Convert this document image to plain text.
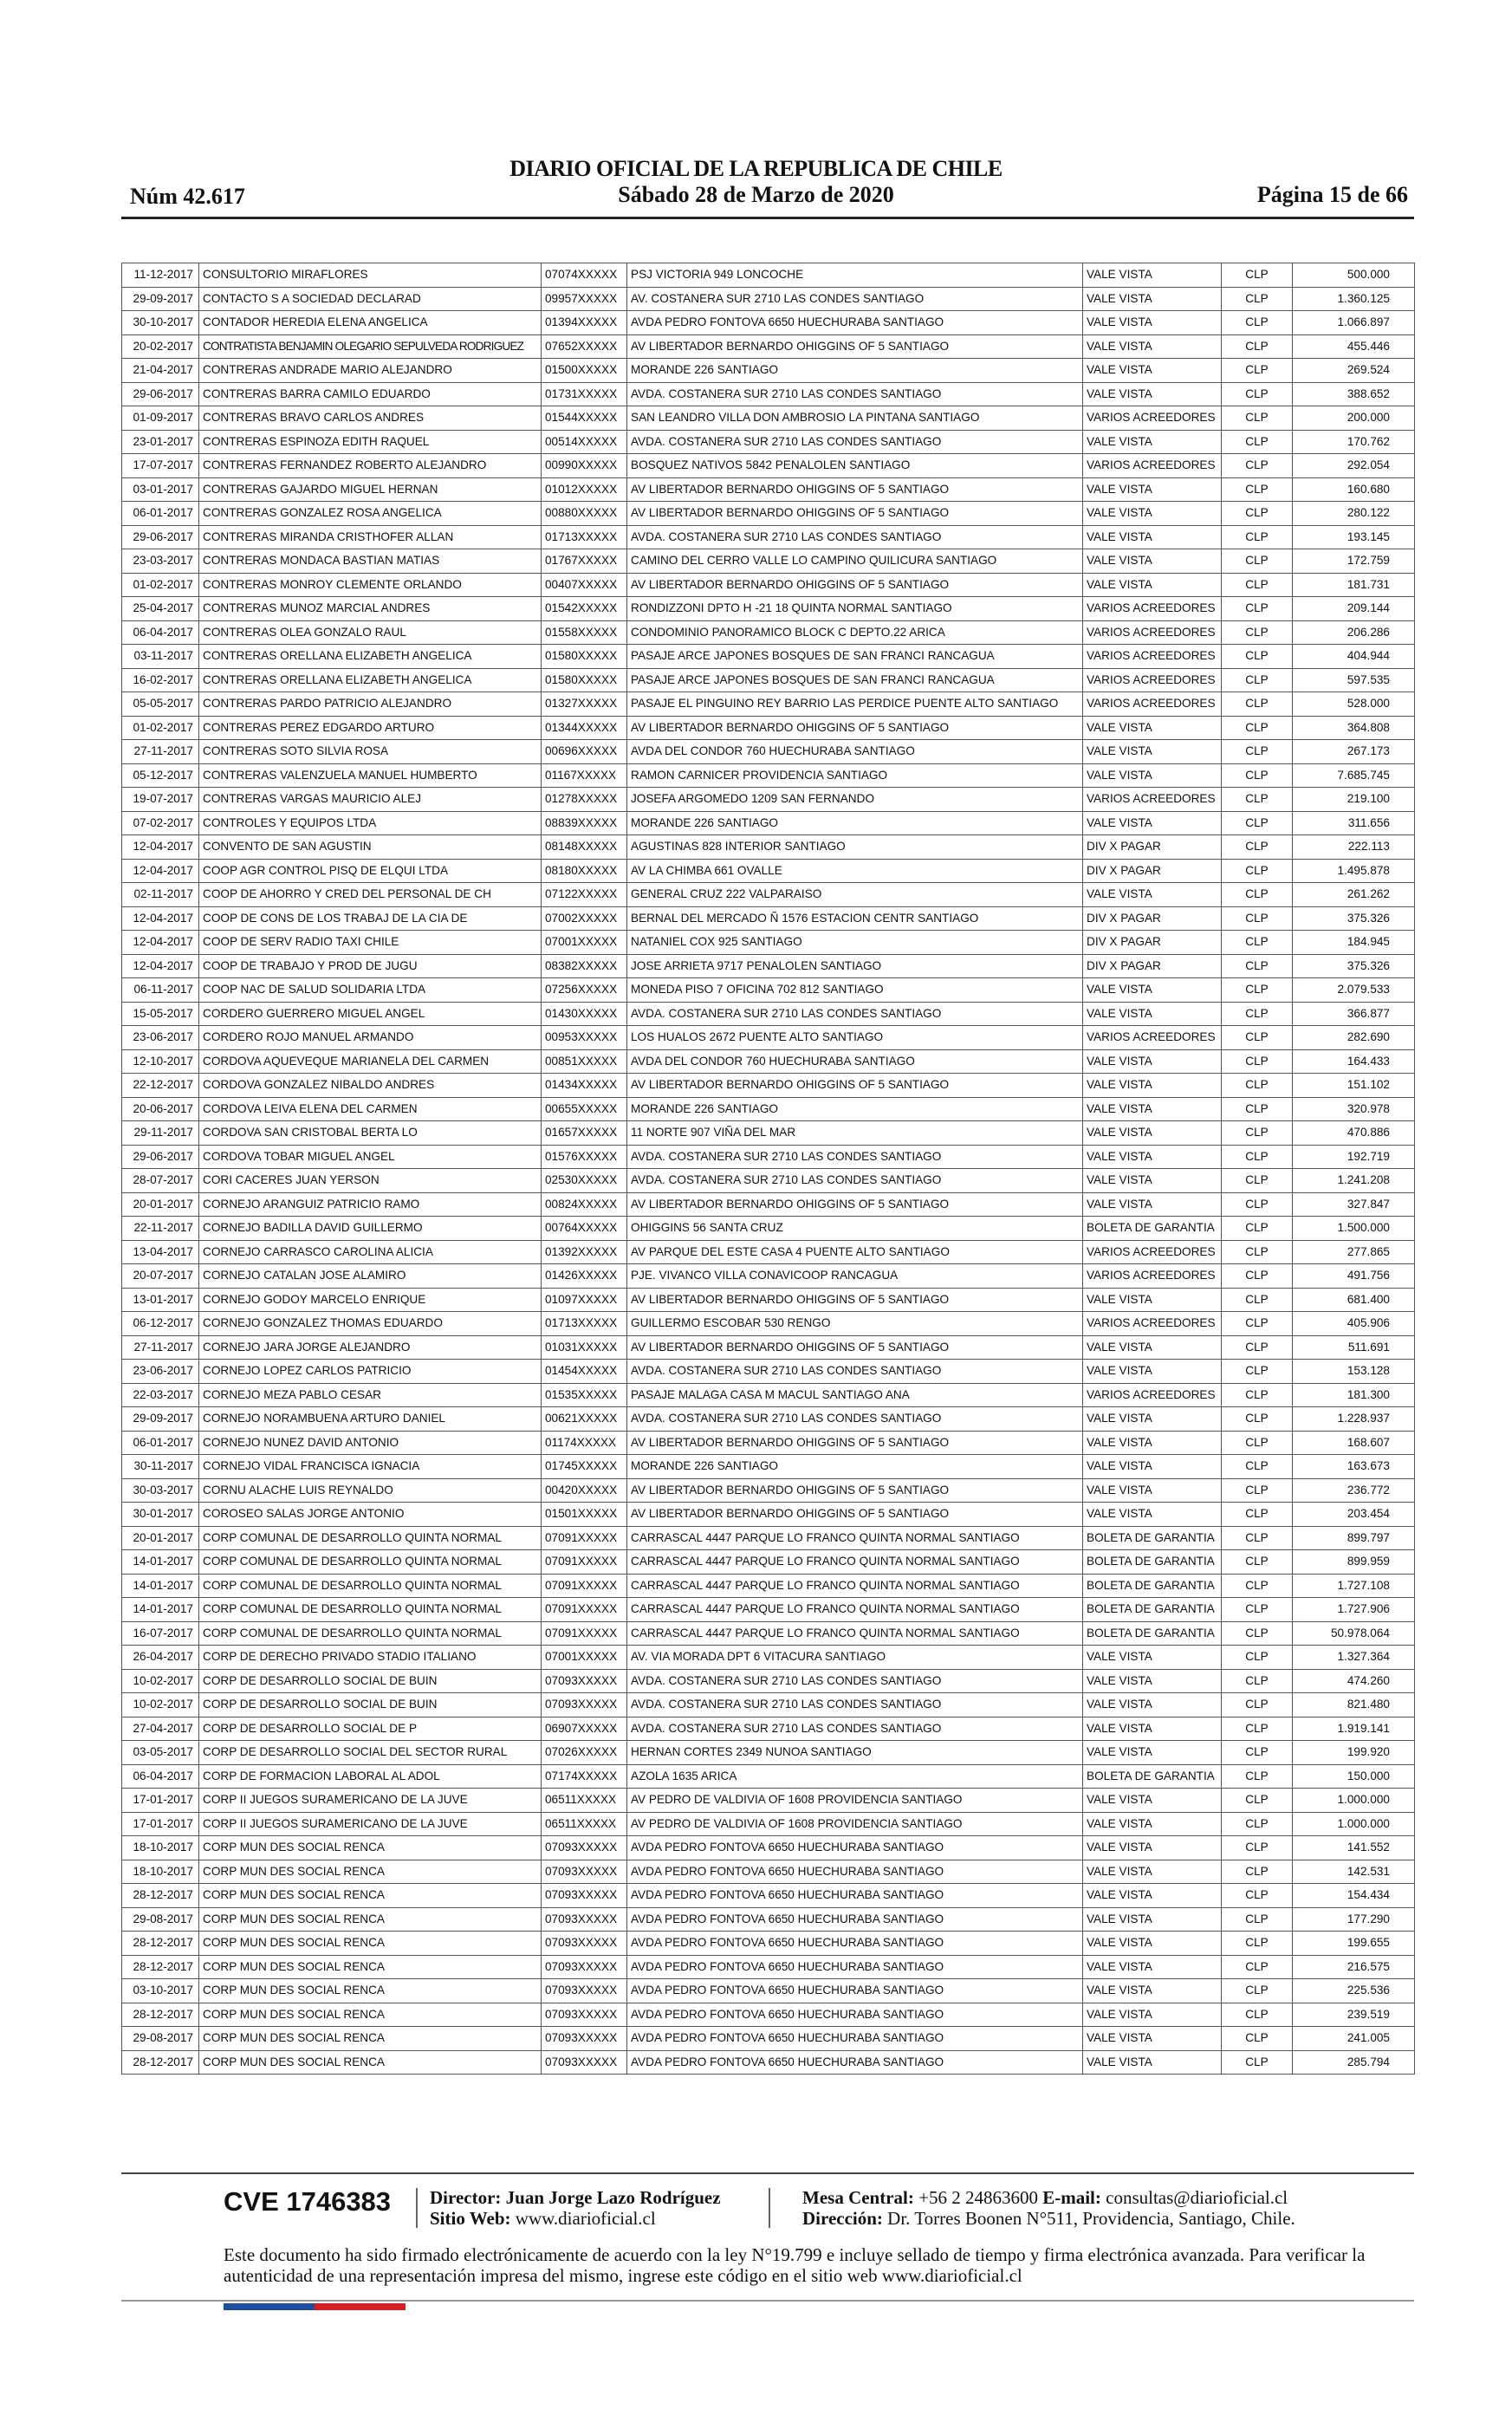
DIARIO OFICIAL DE LA REPUBLICA DE CHILE
Núm 42.617	Sábado 28 de Marzo de 2020	Página 15 de 66
11-12-2017	CONSULTORIO MIRAFLORES	07074XXXXX	PSJ VICTORIA 949 LONCOCHE	VALE VISTA	CLP	500.000
29-09-2017	CONTACTO S A SOCIEDAD DECLARAD	09957XXXXX	AV. COSTANERA SUR 2710 LAS CONDES SANTIAGO	VALE VISTA	CLP	1.360.125
30-10-2017	CONTADOR HEREDIA ELENA ANGELICA	01394XXXXX	AVDA PEDRO FONTOVA 6650 HUECHURABA SANTIAGO	VALE VISTA	CLP	1.066.897
20-02-2017	CONTRATISTA BENJAMIN OLEGARIO SEPULVEDA RODRIGUEZ	07652XXXXX	AV LIBERTADOR BERNARDO OHIGGINS OF 5 SANTIAGO	VALE VISTA	CLP	455.446
21-04-2017	CONTRERAS ANDRADE MARIO ALEJANDRO	01500XXXXX	MORANDE 226 SANTIAGO	VALE VISTA	CLP	269.524
29-06-2017	CONTRERAS BARRA CAMILO EDUARDO	01731XXXXX	AVDA. COSTANERA SUR 2710 LAS CONDES SANTIAGO	VALE VISTA	CLP	388.652
01-09-2017	CONTRERAS BRAVO CARLOS ANDRES	01544XXXXX	SAN LEANDRO VILLA DON AMBROSIO LA PINTANA SANTIAGO	VARIOS ACREEDORES	CLP	200.000
23-01-2017	CONTRERAS ESPINOZA EDITH RAQUEL	00514XXXXX	AVDA. COSTANERA SUR 2710 LAS CONDES SANTIAGO	VALE VISTA	CLP	170.762
17-07-2017	CONTRERAS FERNANDEZ ROBERTO ALEJANDRO	00990XXXXX	BOSQUEZ NATIVOS 5842 PENALOLEN SANTIAGO	VARIOS ACREEDORES	CLP	292.054
03-01-2017	CONTRERAS GAJARDO MIGUEL HERNAN	01012XXXXX	AV LIBERTADOR BERNARDO OHIGGINS OF 5 SANTIAGO	VALE VISTA	CLP	160.680
06-01-2017	CONTRERAS GONZALEZ ROSA ANGELICA	00880XXXXX	AV LIBERTADOR BERNARDO OHIGGINS OF 5 SANTIAGO	VALE VISTA	CLP	280.122
29-06-2017	CONTRERAS MIRANDA CRISTHOFER ALLAN	01713XXXXX	AVDA. COSTANERA SUR 2710 LAS CONDES SANTIAGO	VALE VISTA	CLP	193.145
23-03-2017	CONTRERAS MONDACA BASTIAN MATIAS	01767XXXXX	CAMINO DEL CERRO VALLE LO CAMPINO QUILICURA SANTIAGO	VALE VISTA	CLP	172.759
01-02-2017	CONTRERAS MONROY CLEMENTE ORLANDO	00407XXXXX	AV LIBERTADOR BERNARDO OHIGGINS OF 5 SANTIAGO	VALE VISTA	CLP	181.731
25-04-2017	CONTRERAS MUNOZ MARCIAL ANDRES	01542XXXXX	RONDIZZONI DPTO H -21 18 QUINTA NORMAL SANTIAGO	VARIOS ACREEDORES	CLP	209.144
06-04-2017	CONTRERAS OLEA GONZALO RAUL	01558XXXXX	CONDOMINIO PANORAMICO BLOCK C DEPTO.22 ARICA	VARIOS ACREEDORES	CLP	206.286
03-11-2017	CONTRERAS ORELLANA ELIZABETH ANGELICA	01580XXXXX	PASAJE ARCE JAPONES BOSQUES DE SAN FRANCI RANCAGUA	VARIOS ACREEDORES	CLP	404.944
16-02-2017	CONTRERAS ORELLANA ELIZABETH ANGELICA	01580XXXXX	PASAJE ARCE JAPONES BOSQUES DE SAN FRANCI RANCAGUA	VARIOS ACREEDORES	CLP	597.535
05-05-2017	CONTRERAS PARDO PATRICIO ALEJANDRO	01327XXXXX	PASAJE EL PINGUINO REY BARRIO LAS PERDICE PUENTE ALTO SANTIAGO	VARIOS ACREEDORES	CLP	528.000
01-02-2017	CONTRERAS PEREZ EDGARDO ARTURO	01344XXXXX	AV LIBERTADOR BERNARDO OHIGGINS OF 5 SANTIAGO	VALE VISTA	CLP	364.808
27-11-2017	CONTRERAS SOTO SILVIA ROSA	00696XXXXX	AVDA DEL CONDOR 760 HUECHURABA SANTIAGO	VALE VISTA	CLP	267.173
05-12-2017	CONTRERAS VALENZUELA MANUEL HUMBERTO	01167XXXXX	RAMON CARNICER PROVIDENCIA SANTIAGO	VALE VISTA	CLP	7.685.745
19-07-2017	CONTRERAS VARGAS MAURICIO ALEJ	01278XXXXX	JOSEFA ARGOMEDO 1209 SAN FERNANDO	VARIOS ACREEDORES	CLP	219.100
07-02-2017	CONTROLES Y EQUIPOS LTDA	08839XXXXX	MORANDE 226 SANTIAGO	VALE VISTA	CLP	311.656
12-04-2017	CONVENTO DE SAN AGUSTIN	08148XXXXX	AGUSTINAS 828 INTERIOR SANTIAGO	DIV X PAGAR	CLP	222.113
12-04-2017	COOP AGR CONTROL PISQ DE ELQUI LTDA	08180XXXXX	AV LA CHIMBA 661 OVALLE	DIV X PAGAR	CLP	1.495.878
02-11-2017	COOP DE AHORRO Y CRED DEL PERSONAL DE CH	07122XXXXX	GENERAL CRUZ 222 VALPARAISO	VALE VISTA	CLP	261.262
12-04-2017	COOP DE CONS DE LOS TRABAJ DE LA CIA DE	07002XXXXX	BERNAL DEL MERCADO Ñ 1576 ESTACION CENTR SANTIAGO	DIV X PAGAR	CLP	375.326
12-04-2017	COOP DE SERV RADIO TAXI CHILE	07001XXXXX	NATANIEL COX 925 SANTIAGO	DIV X PAGAR	CLP	184.945
12-04-2017	COOP DE TRABAJO Y PROD DE JUGU	08382XXXXX	JOSE ARRIETA 9717 PENALOLEN SANTIAGO	DIV X PAGAR	CLP	375.326
06-11-2017	COOP NAC DE SALUD SOLIDARIA LTDA	07256XXXXX	MONEDA PISO 7 OFICINA 702 812 SANTIAGO	VALE VISTA	CLP	2.079.533
15-05-2017	CORDERO GUERRERO MIGUEL ANGEL	01430XXXXX	AVDA. COSTANERA SUR 2710 LAS CONDES SANTIAGO	VALE VISTA	CLP	366.877
23-06-2017	CORDERO ROJO MANUEL ARMANDO	00953XXXXX	LOS HUALOS 2672 PUENTE ALTO SANTIAGO	VARIOS ACREEDORES	CLP	282.690
12-10-2017	CORDOVA AQUEVEQUE MARIANELA DEL CARMEN	00851XXXXX	AVDA DEL CONDOR 760 HUECHURABA SANTIAGO	VALE VISTA	CLP	164.433
22-12-2017	CORDOVA GONZALEZ NIBALDO ANDRES	01434XXXXX	AV LIBERTADOR BERNARDO OHIGGINS OF 5 SANTIAGO	VALE VISTA	CLP	151.102
20-06-2017	CORDOVA LEIVA ELENA DEL CARMEN	00655XXXXX	MORANDE 226 SANTIAGO	VALE VISTA	CLP	320.978
29-11-2017	CORDOVA SAN CRISTOBAL BERTA LO	01657XXXXX	11 NORTE 907 VIÑA DEL MAR	VALE VISTA	CLP	470.886
29-06-2017	CORDOVA TOBAR MIGUEL ANGEL	01576XXXXX	AVDA. COSTANERA SUR 2710 LAS CONDES SANTIAGO	VALE VISTA	CLP	192.719
28-07-2017	CORI CACERES JUAN YERSON	02530XXXXX	AVDA. COSTANERA SUR 2710 LAS CONDES SANTIAGO	VALE VISTA	CLP	1.241.208
20-01-2017	CORNEJO ARANGUIZ PATRICIO RAMO	00824XXXXX	AV LIBERTADOR BERNARDO OHIGGINS OF 5 SANTIAGO	VALE VISTA	CLP	327.847
22-11-2017	CORNEJO BADILLA DAVID GUILLERMO	00764XXXXX	OHIGGINS 56 SANTA CRUZ	BOLETA DE GARANTIA	CLP	1.500.000
13-04-2017	CORNEJO CARRASCO CAROLINA ALICIA	01392XXXXX	AV PARQUE DEL ESTE CASA 4 PUENTE ALTO SANTIAGO	VARIOS ACREEDORES	CLP	277.865
20-07-2017	CORNEJO CATALAN JOSE ALAMIRO	01426XXXXX	PJE. VIVANCO VILLA CONAVICOOP RANCAGUA	VARIOS ACREEDORES	CLP	491.756
13-01-2017	CORNEJO GODOY MARCELO ENRIQUE	01097XXXXX	AV LIBERTADOR BERNARDO OHIGGINS OF 5 SANTIAGO	VALE VISTA	CLP	681.400
06-12-2017	CORNEJO GONZALEZ THOMAS EDUARDO	01713XXXXX	GUILLERMO ESCOBAR 530 RENGO	VARIOS ACREEDORES	CLP	405.906
27-11-2017	CORNEJO JARA JORGE ALEJANDRO	01031XXXXX	AV LIBERTADOR BERNARDO OHIGGINS OF 5 SANTIAGO	VALE VISTA	CLP	511.691
23-06-2017	CORNEJO LOPEZ CARLOS PATRICIO	01454XXXXX	AVDA. COSTANERA SUR 2710 LAS CONDES SANTIAGO	VALE VISTA	CLP	153.128
22-03-2017	CORNEJO MEZA PABLO CESAR	01535XXXXX	PASAJE MALAGA CASA M MACUL SANTIAGO ANA	VARIOS ACREEDORES	CLP	181.300
29-09-2017	CORNEJO NORAMBUENA ARTURO DANIEL	00621XXXXX	AVDA. COSTANERA SUR 2710 LAS CONDES SANTIAGO	VALE VISTA	CLP	1.228.937
06-01-2017	CORNEJO NUNEZ DAVID ANTONIO	01174XXXXX	AV LIBERTADOR BERNARDO OHIGGINS OF 5 SANTIAGO	VALE VISTA	CLP	168.607
30-11-2017	CORNEJO VIDAL FRANCISCA IGNACIA	01745XXXXX	MORANDE 226 SANTIAGO	VALE VISTA	CLP	163.673
30-03-2017	CORNU ALACHE LUIS REYNALDO	00420XXXXX	AV LIBERTADOR BERNARDO OHIGGINS OF 5 SANTIAGO	VALE VISTA	CLP	236.772
30-01-2017	COROSEO SALAS JORGE ANTONIO	01501XXXXX	AV LIBERTADOR BERNARDO OHIGGINS OF 5 SANTIAGO	VALE VISTA	CLP	203.454
20-01-2017	CORP COMUNAL DE DESARROLLO QUINTA NORMAL	07091XXXXX	CARRASCAL 4447 PARQUE LO FRANCO QUINTA NORMAL SANTIAGO	BOLETA DE GARANTIA	CLP	899.797
14-01-2017	CORP COMUNAL DE DESARROLLO QUINTA NORMAL	07091XXXXX	CARRASCAL 4447 PARQUE LO FRANCO QUINTA NORMAL SANTIAGO	BOLETA DE GARANTIA	CLP	899.959
14-01-2017	CORP COMUNAL DE DESARROLLO QUINTA NORMAL	07091XXXXX	CARRASCAL 4447 PARQUE LO FRANCO QUINTA NORMAL SANTIAGO	BOLETA DE GARANTIA	CLP	1.727.108
14-01-2017	CORP COMUNAL DE DESARROLLO QUINTA NORMAL	07091XXXXX	CARRASCAL 4447 PARQUE LO FRANCO QUINTA NORMAL SANTIAGO	BOLETA DE GARANTIA	CLP	1.727.906
16-07-2017	CORP COMUNAL DE DESARROLLO QUINTA NORMAL	07091XXXXX	CARRASCAL 4447 PARQUE LO FRANCO QUINTA NORMAL SANTIAGO	BOLETA DE GARANTIA	CLP	50.978.064
26-04-2017	CORP DE DERECHO PRIVADO STADIO ITALIANO	07001XXXXX	AV. VIA MORADA DPT 6 VITACURA SANTIAGO	VALE VISTA	CLP	1.327.364
10-02-2017	CORP DE DESARROLLO SOCIAL DE BUIN	07093XXXXX	AVDA. COSTANERA SUR 2710 LAS CONDES SANTIAGO	VALE VISTA	CLP	474.260
10-02-2017	CORP DE DESARROLLO SOCIAL DE BUIN	07093XXXXX	AVDA. COSTANERA SUR 2710 LAS CONDES SANTIAGO	VALE VISTA	CLP	821.480
27-04-2017	CORP DE DESARROLLO SOCIAL DE P	06907XXXXX	AVDA. COSTANERA SUR 2710 LAS CONDES SANTIAGO	VALE VISTA	CLP	1.919.141
03-05-2017	CORP DE DESARROLLO SOCIAL DEL SECTOR RURAL	07026XXXXX	HERNAN CORTES 2349 NUNOA SANTIAGO	VALE VISTA	CLP	199.920
06-04-2017	CORP DE FORMACION LABORAL AL ADOL	07174XXXXX	AZOLA 1635 ARICA	BOLETA DE GARANTIA	CLP	150.000
17-01-2017	CORP II JUEGOS SURAMERICANO DE LA JUVE	06511XXXXX	AV PEDRO DE VALDIVIA OF 1608 PROVIDENCIA SANTIAGO	VALE VISTA	CLP	1.000.000
17-01-2017	CORP II JUEGOS SURAMERICANO DE LA JUVE	06511XXXXX	AV PEDRO DE VALDIVIA OF 1608 PROVIDENCIA SANTIAGO	VALE VISTA	CLP	1.000.000
18-10-2017	CORP MUN DES SOCIAL RENCA	07093XXXXX	AVDA PEDRO FONTOVA 6650 HUECHURABA SANTIAGO	VALE VISTA	CLP	141.552
18-10-2017	CORP MUN DES SOCIAL RENCA	07093XXXXX	AVDA PEDRO FONTOVA 6650 HUECHURABA SANTIAGO	VALE VISTA	CLP	142.531
28-12-2017	CORP MUN DES SOCIAL RENCA	07093XXXXX	AVDA PEDRO FONTOVA 6650 HUECHURABA SANTIAGO	VALE VISTA	CLP	154.434
29-08-2017	CORP MUN DES SOCIAL RENCA	07093XXXXX	AVDA PEDRO FONTOVA 6650 HUECHURABA SANTIAGO	VALE VISTA	CLP	177.290
28-12-2017	CORP MUN DES SOCIAL RENCA	07093XXXXX	AVDA PEDRO FONTOVA 6650 HUECHURABA SANTIAGO	VALE VISTA	CLP	199.655
28-12-2017	CORP MUN DES SOCIAL RENCA	07093XXXXX	AVDA PEDRO FONTOVA 6650 HUECHURABA SANTIAGO	VALE VISTA	CLP	216.575
03-10-2017	CORP MUN DES SOCIAL RENCA	07093XXXXX	AVDA PEDRO FONTOVA 6650 HUECHURABA SANTIAGO	VALE VISTA	CLP	225.536
28-12-2017	CORP MUN DES SOCIAL RENCA	07093XXXXX	AVDA PEDRO FONTOVA 6650 HUECHURABA SANTIAGO	VALE VISTA	CLP	239.519
29-08-2017	CORP MUN DES SOCIAL RENCA	07093XXXXX	AVDA PEDRO FONTOVA 6650 HUECHURABA SANTIAGO	VALE VISTA	CLP	241.005
28-12-2017	CORP MUN DES SOCIAL RENCA	07093XXXXX	AVDA PEDRO FONTOVA 6650 HUECHURABA SANTIAGO	VALE VISTA	CLP	285.794
CVE 1746383 Director: Juan Jorge Lazo Rodríguez
Sitio Web: www.diarioficial.cl
Mesa Central: +56 2 24863600 E-mail: consultas@diarioficial.cl
Dirección: Dr. Torres Boonen N°511, Providencia, Santiago, Chile.
Este documento ha sido firmado electrónicamente de acuerdo con la ley N°19.799 e incluye sellado de tiempo y firma electrónica avanzada. Para verificar la autenticidad de una representación impresa del mismo, ingrese este código en el sitio web www.diarioficial.cl
